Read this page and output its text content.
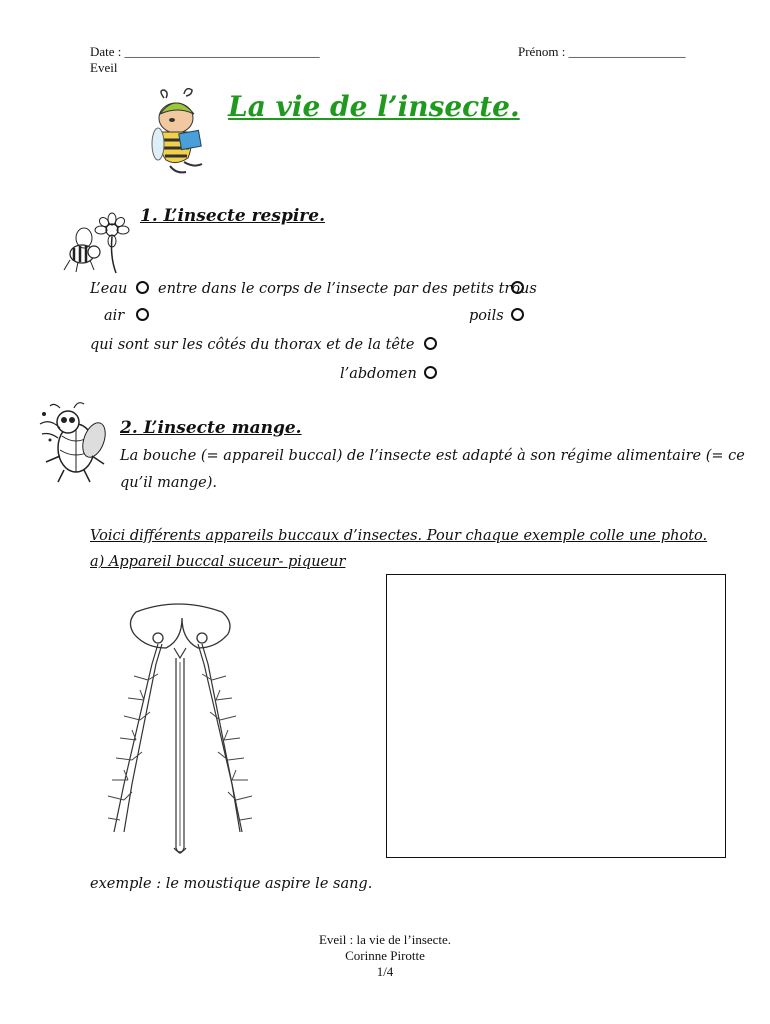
Date : ______________________________
Eveil
Prénom : __________________
La vie de l’insecte.
1. L’insecte respire.
L’eau entre dans le corps de l’insecte par des petits trous
air	poils
qui sont sur les côtés du thorax et de la tête
l’abdomen
2. L’insecte mange.
La bouche (= appareil buccal) de l’insecte est adapté à son régime alimentaire (= ce
qu’il mange).
Voici différents appareils buccaux d’insectes. Pour chaque exemple colle une photo.
a) Appareil buccal suceur- piqueur
exemple : le moustique aspire le sang.
Eveil : la vie de l’insecte.
Corinne Pirotte
1/4
